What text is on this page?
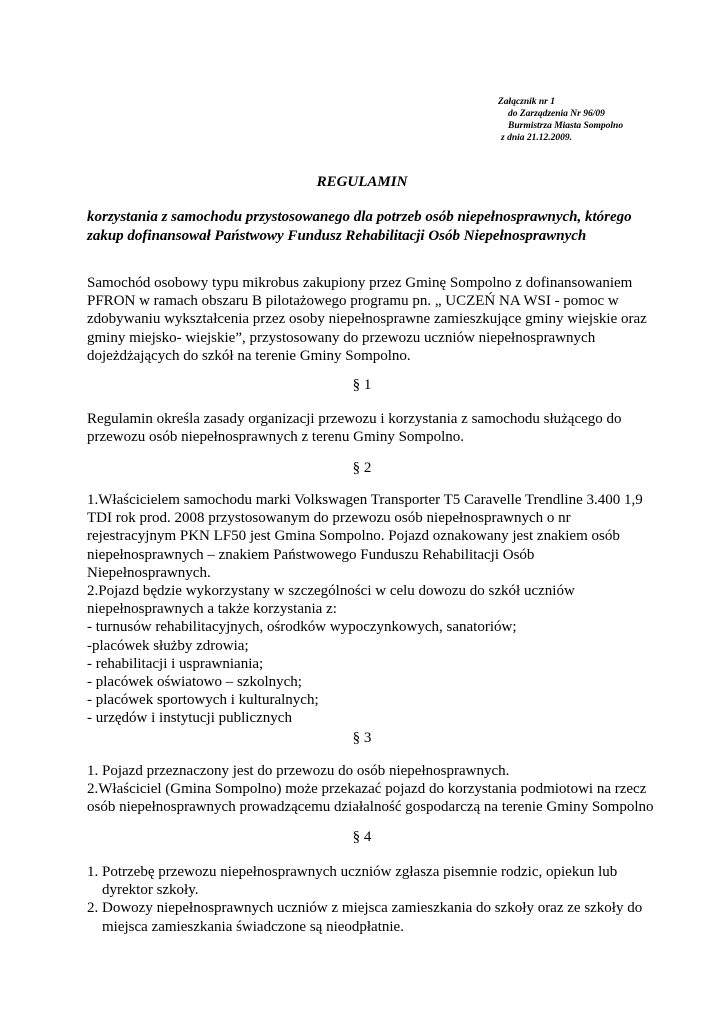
Załącznik nr 1
do Zarządzenia Nr 96/09
Burmistrza Miasta Sompolno
z dnia 21.12.2009.
REGULAMIN
korzystania z samochodu przystosowanego dla potrzeb osób niepełnosprawnych, którego
zakup dofinansował Państwowy Fundusz Rehabilitacji Osób Niepełnosprawnych
Samochód osobowy typu mikrobus zakupiony przez Gminę Sompolno z dofinansowaniem
PFRON w ramach obszaru B pilotażowego programu pn. „ UCZEŃ NA WSI - pomoc w
zdobywaniu wykształcenia przez osoby niepełnosprawne zamieszkujące gminy wiejskie oraz
gminy miejsko- wiejskie”, przystosowany do przewozu uczniów niepełnosprawnych
dojeżdżających do szkół na terenie Gminy Sompolno.
§ 1
Regulamin określa zasady organizacji przewozu i korzystania z samochodu służącego do
przewozu osób niepełnosprawnych z terenu Gminy Sompolno.
§ 2
1.Właścicielem samochodu marki Volkswagen Transporter T5 Caravelle Trendline 3.400 1,9
TDI rok prod. 2008 przystosowanym do przewozu osób niepełnosprawnych o nr
rejestracyjnym PKN LF50 jest Gmina Sompolno. Pojazd oznakowany jest znakiem osób
niepełnosprawnych – znakiem Państwowego Funduszu Rehabilitacji Osób
Niepełnosprawnych.
2.Pojazd będzie wykorzystany w szczególności w celu dowozu do szkół uczniów
niepełnosprawnych a także korzystania z:
- turnusów rehabilitacyjnych, ośrodków wypoczynkowych, sanatoriów;
-placówek służby zdrowia;
- rehabilitacji i usprawniania;
- placówek oświatowo – szkolnych;
- placówek sportowych i kulturalnych;
- urzędów i instytucji publicznych
§ 3
1. Pojazd przeznaczony jest do przewozu do osób niepełnosprawnych.
2.Właściciel (Gmina Sompolno) może przekazać pojazd do korzystania podmiotowi na rzecz
osób niepełnosprawnych prowadzącemu działalność gospodarczą na terenie Gminy Sompolno
§ 4
1. Potrzebę przewozu niepełnosprawnych uczniów zgłasza pisemnie rodzic, opiekun lub
dyrektor szkoły.
2. Dowozy niepełnosprawnych uczniów z miejsca zamieszkania do szkoły oraz ze szkoły do
miejsca zamieszkania świadczone są nieodpłatnie.
